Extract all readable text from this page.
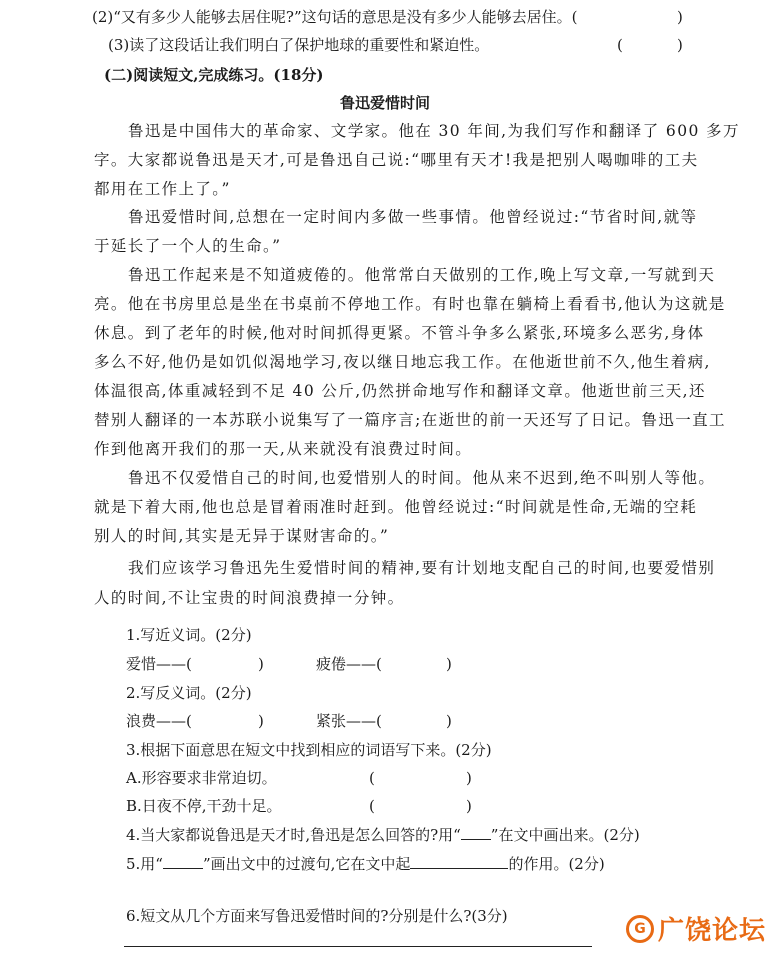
(2)“又有多少人能够去居住呢?”这句话的意思是没有多少人能够去居住。(	)
(3)读了这段话让我们明白了保护地球的重要性和紧迫性。	(	)
(二)阅读短文,完成练习。(18分)
鲁迅爱惜时间
鲁迅是中国伟大的革命家、文学家。他在 30 年间,为我们写作和翻译了 600 多万
字。大家都说鲁迅是天才,可是鲁迅自己说:“哪里有天才!我是把别人喝咖啡的工夫
都用在工作上了。”
鲁迅爱惜时间,总想在一定时间内多做一些事情。他曾经说过:“节省时间,就等
于延长了一个人的生命。”
鲁迅工作起来是不知道疲倦的。他常常白天做别的工作,晚上写文章,一写就到天
亮。他在书房里总是坐在书桌前不停地工作。有时也靠在躺椅上看看书,他认为这就是
休息。到了老年的时候,他对时间抓得更紧。不管斗争多么紧张,环境多么恶劣,身体
多么不好,他仍是如饥似渴地学习,夜以继日地忘我工作。在他逝世前不久,他生着病,
体温很高,体重减轻到不足 40 公斤,仍然拼命地写作和翻译文章。他逝世前三天,还
替别人翻译的一本苏联小说集写了一篇序言;在逝世的前一天还写了日记。鲁迅一直工
作到他离开我们的那一天,从来就没有浪费过时间。
鲁迅不仅爱惜自己的时间,也爱惜别人的时间。他从来不迟到,绝不叫别人等他。
就是下着大雨,他也总是冒着雨准时赶到。他曾经说过:“时间就是性命,无端的空耗
别人的时间,其实是无异于谋财害命的。”
我们应该学习鲁迅先生爱惜时间的精神,要有计划地支配自己的时间,也要爱惜别
人的时间,不让宝贵的时间浪费掉一分钟。
1.写近义词。(2分)
爱惜——(	)	疲倦——(	)
2.写反义词。(2分)
浪费——(	)	紧张——(	)
3.根据下面意思在短文中找到相应的词语写下来。(2分)
A.形容要求非常迫切。	(	)
B.日夜不停,干劲十足。	(	)
4.当大家都说鲁迅是天才时,鲁迅是怎么回答的?用“ ”在文中画出来。(2分)
5.用“	”画出文中的过渡句,它在文中起	的作用。(2分)
6.短文从几个方面来写鲁迅爱惜时间的?分别是什么?(3分)
G 广饶论坛
